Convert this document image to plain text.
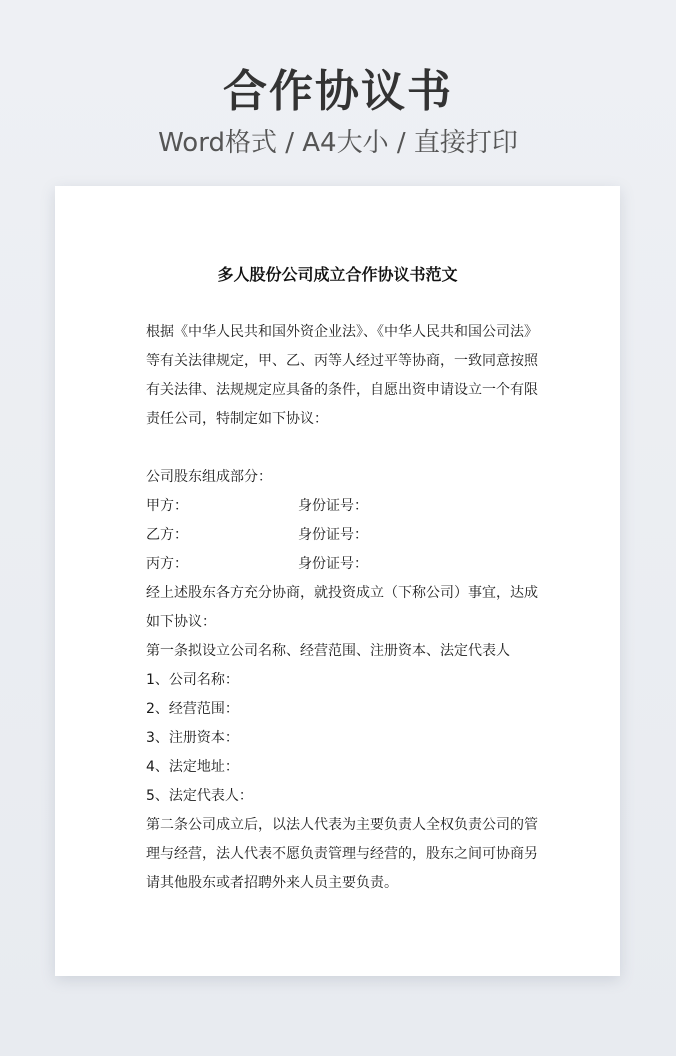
合作协议书
Word格式 / A4大小 / 直接打印
多人股份公司成立合作协议书范文

根据《中华人民共和国外资企业法》、《中华人民共和国公司法》等有关法律规定，甲、乙、丙等人经过平等协商，一致同意按照有关法律、法规规定应具备的条件，自愿出资申请设立一个有限责任公司，特制定如下协议：

公司股东组成部分：

甲方：	身份证号：
乙方：	身份证号：
丙方：	身份证号：

经上述股东各方充分协商，就投资成立（下称公司）事宜，达成如下协议：

第一条拟设立公司名称、经营范围、注册资本、法定代表人

1、公司名称：

2、经营范围：

3、注册资本：

4、法定地址：

5、法定代表人：

第二条公司成立后，以法人代表为主要负责人全权负责公司的管理与经营，法人代表不愿负责管理与经营的，股东之间可协商另请其他股东或者招聘外来人员主要负责。
